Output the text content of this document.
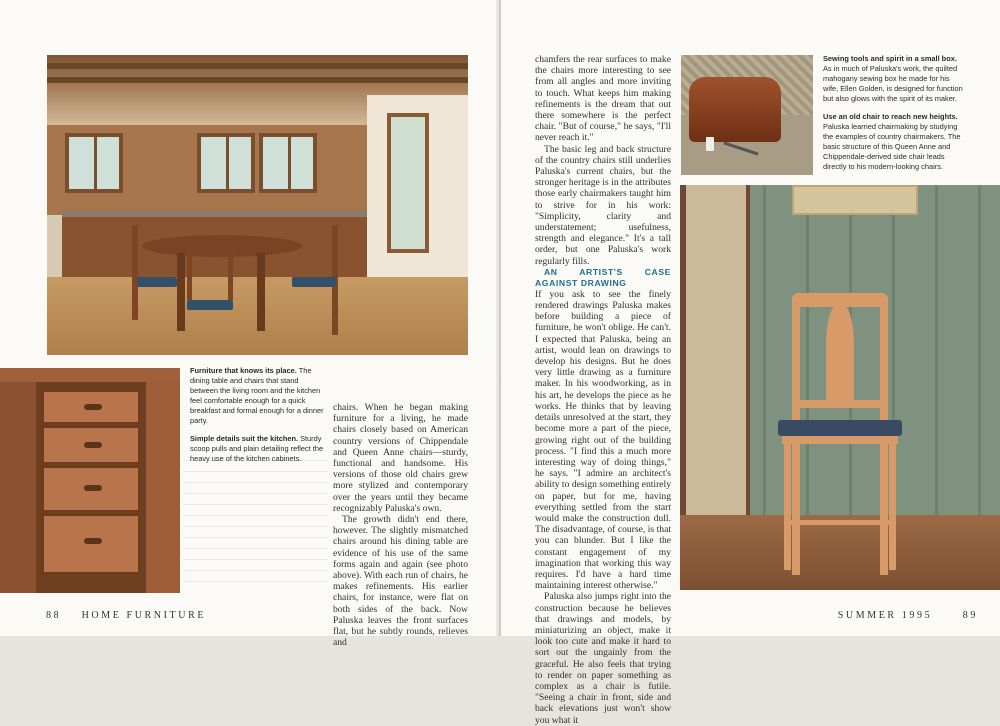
Furniture that knows its place. The dining table and chairs that stand between the living room and the kitchen feel comfortable enough for a quick breakfast and formal enough for a dinner party.

Simple details suit the kitchen. Sturdy scoop pulls and plain detailing reflect the heavy use of the kitchen cabinets.

chairs. When he began making furniture for a living, he made chairs closely based on American country versions of Chippendale and Queen Anne chairs—sturdy, functional and handsome. His versions of those old chairs grew more stylized and contemporary over the years until they became recognizably Paluska's own.

The growth didn't end there, however. The slightly mismatched chairs around his dining table are evidence of his use of the same forms again and again (see photo above). With each run of chairs, he makes refinements. His earlier chairs, for instance, were flat on both sides of the back. Now Paluska leaves the front surfaces flat, but he subtly rounds, relieves and

88 HOME FURNITURE

chamfers the rear surfaces to make the chairs more interesting to see from all angles and more inviting to touch. What keeps him making refinements is the dream that out there somewhere is the perfect chair. "But of course," he says, "I'll never reach it."

The basic leg and back structure of the country chairs still underlies Paluska's current chairs, but the stronger heritage is in the attributes those early chairmakers taught him to strive for in his work: "Simplicity, clarity and understatement; usefulness, strength and elegance." It's a tall order, but one Paluska's work regularly fills.

AN ARTIST'S CASE AGAINST DRAWING

If you ask to see the finely rendered drawings Paluska makes before building a piece of furniture, he won't oblige. He can't. I expected that Paluska, being an artist, would lean on drawings to develop his designs. But he does very little drawing as a furniture maker. In his woodworking, as in his art, he develops the piece as he works. He thinks that by leaving details unresolved at the start, they become more a part of the piece, growing right out of the building process. "I find this a much more interesting way of doing things," he says. "I admire an architect's ability to design something entirely on paper, but for me, having everything settled from the start would make the construction dull. The disadvantage, of course, is that you can blunder. But I like the constant engagement of my imagination that working this way requires. I'd have a hard time maintaining interest otherwise."

Paluska also jumps right into the construction because he believes that drawings and models, by miniaturizing an object, make it look too cute and make it hard to sort out the ungainly from the graceful. He also feels that trying to render on paper something as complex as a chair is futile. "Seeing a chair in front, side and back elevations just won't show you what it

Sewing tools and spirit in a small box. As in much of Paluska's work, the quilted mahogany sewing box he made for his wife, Ellen Golden, is designed for function but also glows with the spirit of its maker.

Use an old chair to reach new heights. Paluska learned chairmaking by studying the examples of country chairmakers. The basic structure of this Queen Anne and Chippendale-derived side chair leads directly to his modern-looking chairs.

SUMMER 1995	89
